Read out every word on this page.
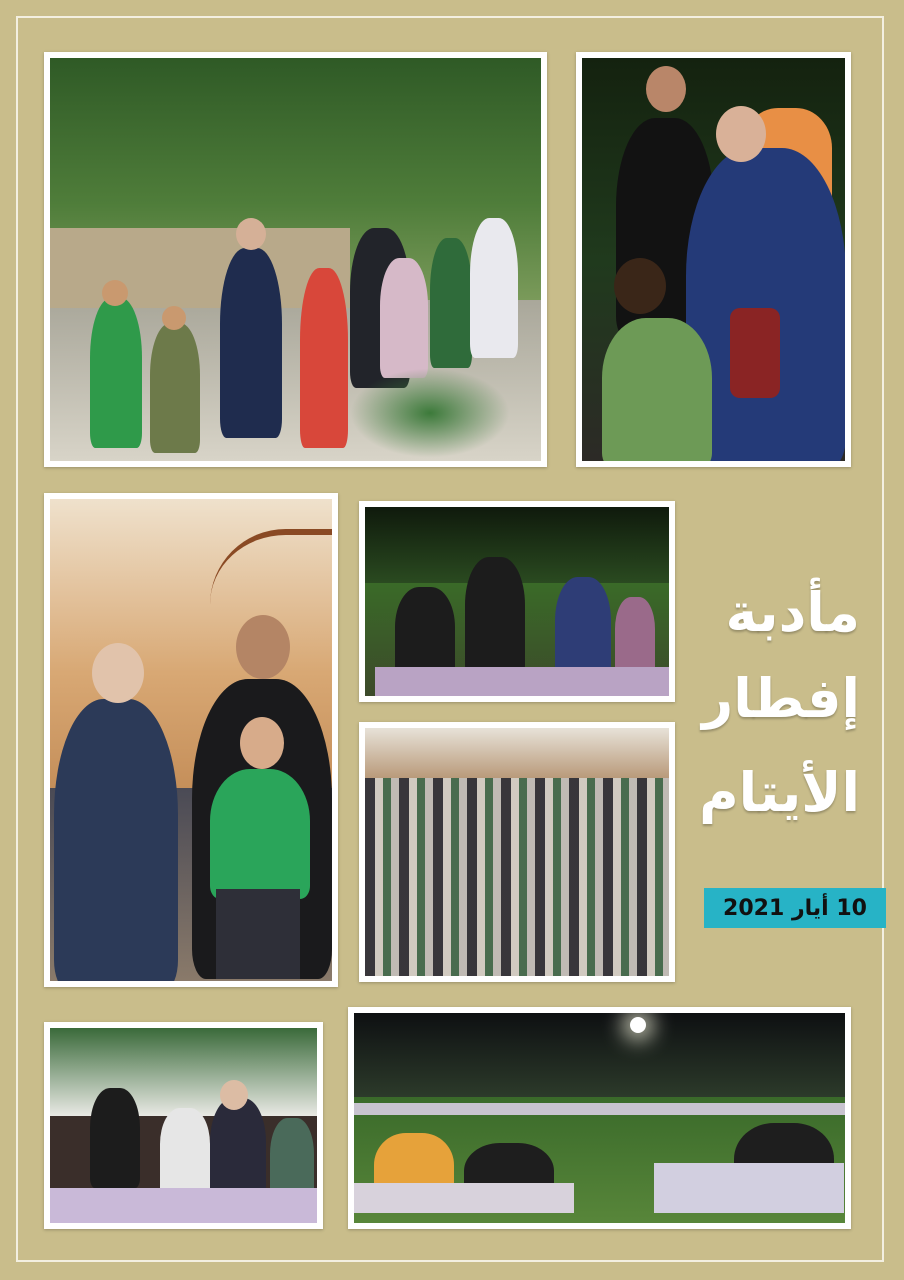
مأدبة
إفطار
الأيتام
10 أيار 2021
